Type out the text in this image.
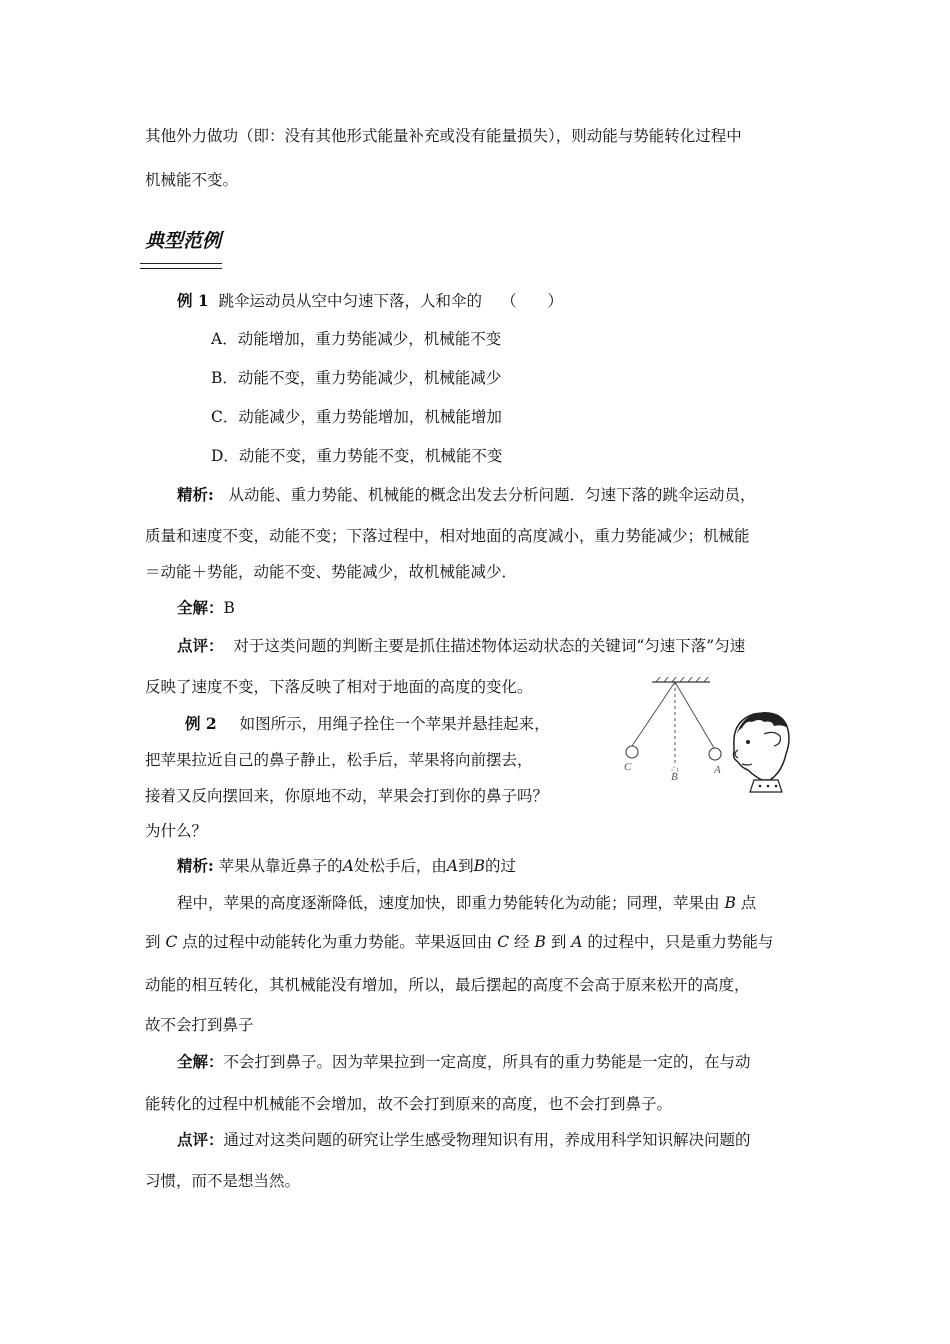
其他外力做功（即：没有其他形式能量补充或没有能量损失），则动能与势能转化过程中
机械能不变。
典型范例
例 1 跳伞运动员从空中匀速下落，人和伞的 （　　）
A．动能增加，重力势能减少，机械能不变
B．动能不变，重力势能减少，机械能减少
C．动能减少，重力势能增加，机械能增加
D．动能不变，重力势能不变，机械能不变
精析: 从动能、重力势能、机械能的概念出发去分析问题．匀速下落的跳伞运动员，
质量和速度不变，动能不变；下落过程中，相对地面的高度减小，重力势能减少；机械能
＝动能＋势能，动能不变、势能减少，故机械能减少．
全解：B
点评： 对于这类问题的判断主要是抓住描述物体运动状态的关键词“匀速下落”匀速
反映了速度不变，下落反映了相对于地面的高度的变化。
例 2 如图所示，用绳子拴住一个苹果并悬挂起来，
把苹果拉近自己的鼻子静止，松手后，苹果将向前摆去，
接着又反向摆回来，你原地不动，苹果会打到你的鼻子吗？
为什么？
C
B
A
精析: 苹果从靠近鼻子的A处松手后，由A到B的过
程中，苹果的高度逐渐降低，速度加快，即重力势能转化为动能；同理，苹果由 B 点
到 C 点的过程中动能转化为重力势能。苹果返回由 C 经 B 到 A 的过程中，只是重力势能与
动能的相互转化，其机械能没有增加，所以，最后摆起的高度不会高于原来松开的高度，
故不会打到鼻子
全解：不会打到鼻子。因为苹果拉到一定高度，所具有的重力势能是一定的，在与动
能转化的过程中机械能不会增加，故不会打到原来的高度，也不会打到鼻子。
点评：通过对这类问题的研究让学生感受物理知识有用，养成用科学知识解决问题的
习惯，而不是想当然。
